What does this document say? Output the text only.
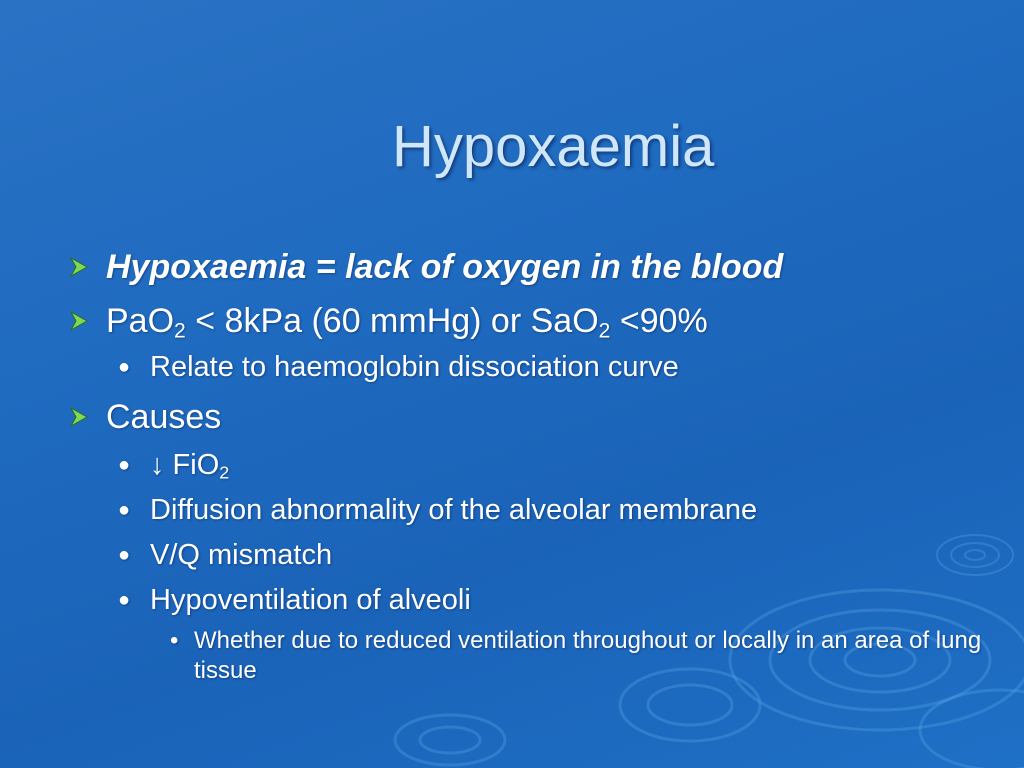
Hypoxaemia
Hypoxaemia = lack of oxygen in the blood
PaO$_2$ < 8kPa (60 mmHg) or SaO$_2$ <90%
● Relate to haemoglobin dissociation curve
Causes
● ↓ FiO$_2$
● Diffusion abnormality of the alveolar membrane
● V/Q mismatch
● Hypoventilation of alveoli
• Whether due to reduced ventilation throughout or locally in an area of lung tissue
